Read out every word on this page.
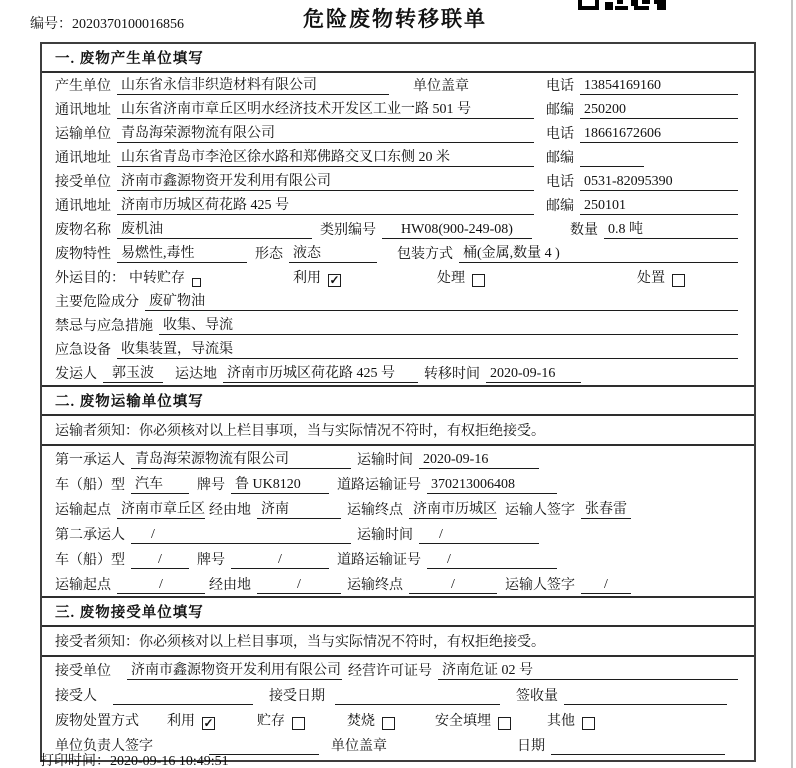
编号：2020370100016856	危险废物转移联单
一. 废物产生单位填写
产生单位 山东省永信非织造材料有限公司	单位盖章	电话 13854169160
通讯地址 山东省济南市章丘区明水经济技术开发区工业一路 501 号	邮编 250200
运输单位 青岛海荣源物流有限公司	电话 18661672606
通讯地址 山东省青岛市李沧区徐水路和郑佛路交叉口东侧 20 米	邮编
接受单位 济南市鑫源物资开发利用有限公司	电话 0531-82095390
通讯地址 济南市历城区荷花路 425 号	邮编 250101
废物名称 废机油	类别编号	HW08(900-249-08)	数量 0.8 吨
废物特性 易燃性,毒性	形态 液态	包装方式 桶(金属,数量 4 )
外运目的： 中转贮存	利用 ✓	处理	处置
主要危险成分 废矿物油
禁忌与应急措施 收集、导流
应急设备 收集装置，导流渠
发运人	郭玉波	运达地 济南市历城区荷花路 425 号	转移时间 2020-09-16
二. 废物运输单位填写
运输者须知：你必须核对以上栏目事项，当与实际情况不符时，有权拒绝接受。
第一承运人 青岛海荣源物流有限公司	运输时间 2020-09-16
车（船）型 汽车	牌号 鲁 UK8120	道路运输证号 370213006408
运输起点 济南市章丘区 经由地 济南	运输终点 济南市历城区 运输人签字 张春雷
第二承运人	/	运输时间	/
车（船）型	/	牌号	/	道路运输证号	/
运输起点	/	经由地	/	运输终点	/	运输人签字	/
三. 废物接受单位填写
接受者须知：你必须核对以上栏目事项，当与实际情况不符时，有权拒绝接受。
接受单位 济南市鑫源物资开发利用有限公司 经营许可证号 济南危证 02 号
接受人	接受日期	签收量
废物处置方式 利用 ✓	贮存	焚烧	安全填埋	其他
单位负责人签字	单位盖章	日期
打印时间：2020-09-16 10:49:51
